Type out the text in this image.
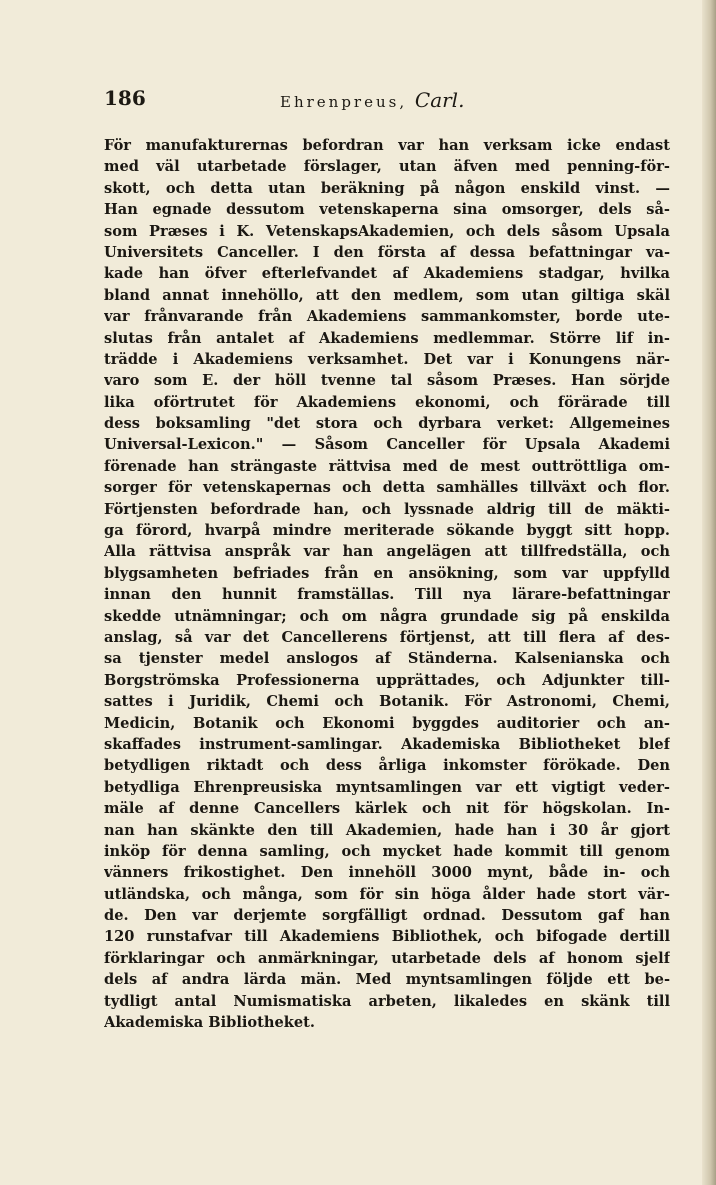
186	Ehrenpreus, Carl.
För manufakturernas befordran var han verksam icke endast
med väl utarbetade förslager, utan äfven med penning-för-
skott, och detta utan beräkning på någon enskild vinst. —
Han egnade dessutom vetenskaperna sina omsorger, dels så-
som Præses i K. VetenskapsAkademien, och dels såsom Upsala
Universitets Canceller. I den första af dessa befattningar va-
kade han öfver efterlefvandet af Akademiens stadgar, hvilka
bland annat innehöllo, att den medlem, som utan giltiga skäl
var frånvarande från Akademiens sammankomster, borde ute-
slutas från antalet af Akademiens medlemmar. Större lif in-
trädde i Akademiens verksamhet. Det var i Konungens när-
varo som E. der höll tvenne tal såsom Præses. Han sörjde
lika oförtrutet för Akademiens ekonomi, och förärade till
dess boksamling "det stora och dyrbara verket: Allgemeines
Universal-Lexicon." — Såsom Canceller för Upsala Akademi
förenade han strängaste rättvisa med de mest outtröttliga om-
sorger för vetenskapernas och detta samhälles tillväxt och flor.
Förtjensten befordrade han, och lyssnade aldrig till de mäkti-
ga förord, hvarpå mindre meriterade sökande byggt sitt hopp.
Alla rättvisa anspråk var han angelägen att tillfredställa, och
blygsamheten befriades från en ansökning, som var uppfylld
innan den hunnit framställas. Till nya lärare-befattningar
skedde utnämningar; och om några grundade sig på enskilda
anslag, så var det Cancellerens förtjenst, att till flera af des-
sa tjenster medel anslogos af Ständerna. Kalsenianska och
Borgströmska Professionerna upprättades, och Adjunkter till-
sattes i Juridik, Chemi och Botanik. För Astronomi, Chemi,
Medicin, Botanik och Ekonomi byggdes auditorier och an-
skaffades instrument-samlingar. Akademiska Bibliotheket blef
betydligen riktadt och dess årliga inkomster förökade. Den
betydliga Ehrenpreusiska myntsamlingen var ett vigtigt veder-
mäle af denne Cancellers kärlek och nit för högskolan. In-
nan han skänkte den till Akademien, hade han i 30 år gjort
inköp för denna samling, och mycket hade kommit till genom
vänners frikostighet. Den innehöll 3000 mynt, både in- och
utländska, och många, som för sin höga ålder hade stort vär-
de. Den var derjemte sorgfälligt ordnad. Dessutom gaf han
120 runstafvar till Akademiens Bibliothek, och bifogade dertill
förklaringar och anmärkningar, utarbetade dels af honom sjelf
dels af andra lärda män. Med myntsamlingen följde ett be-
tydligt antal Numismatiska arbeten, likaledes en skänk till
Akademiska Bibliotheket.
